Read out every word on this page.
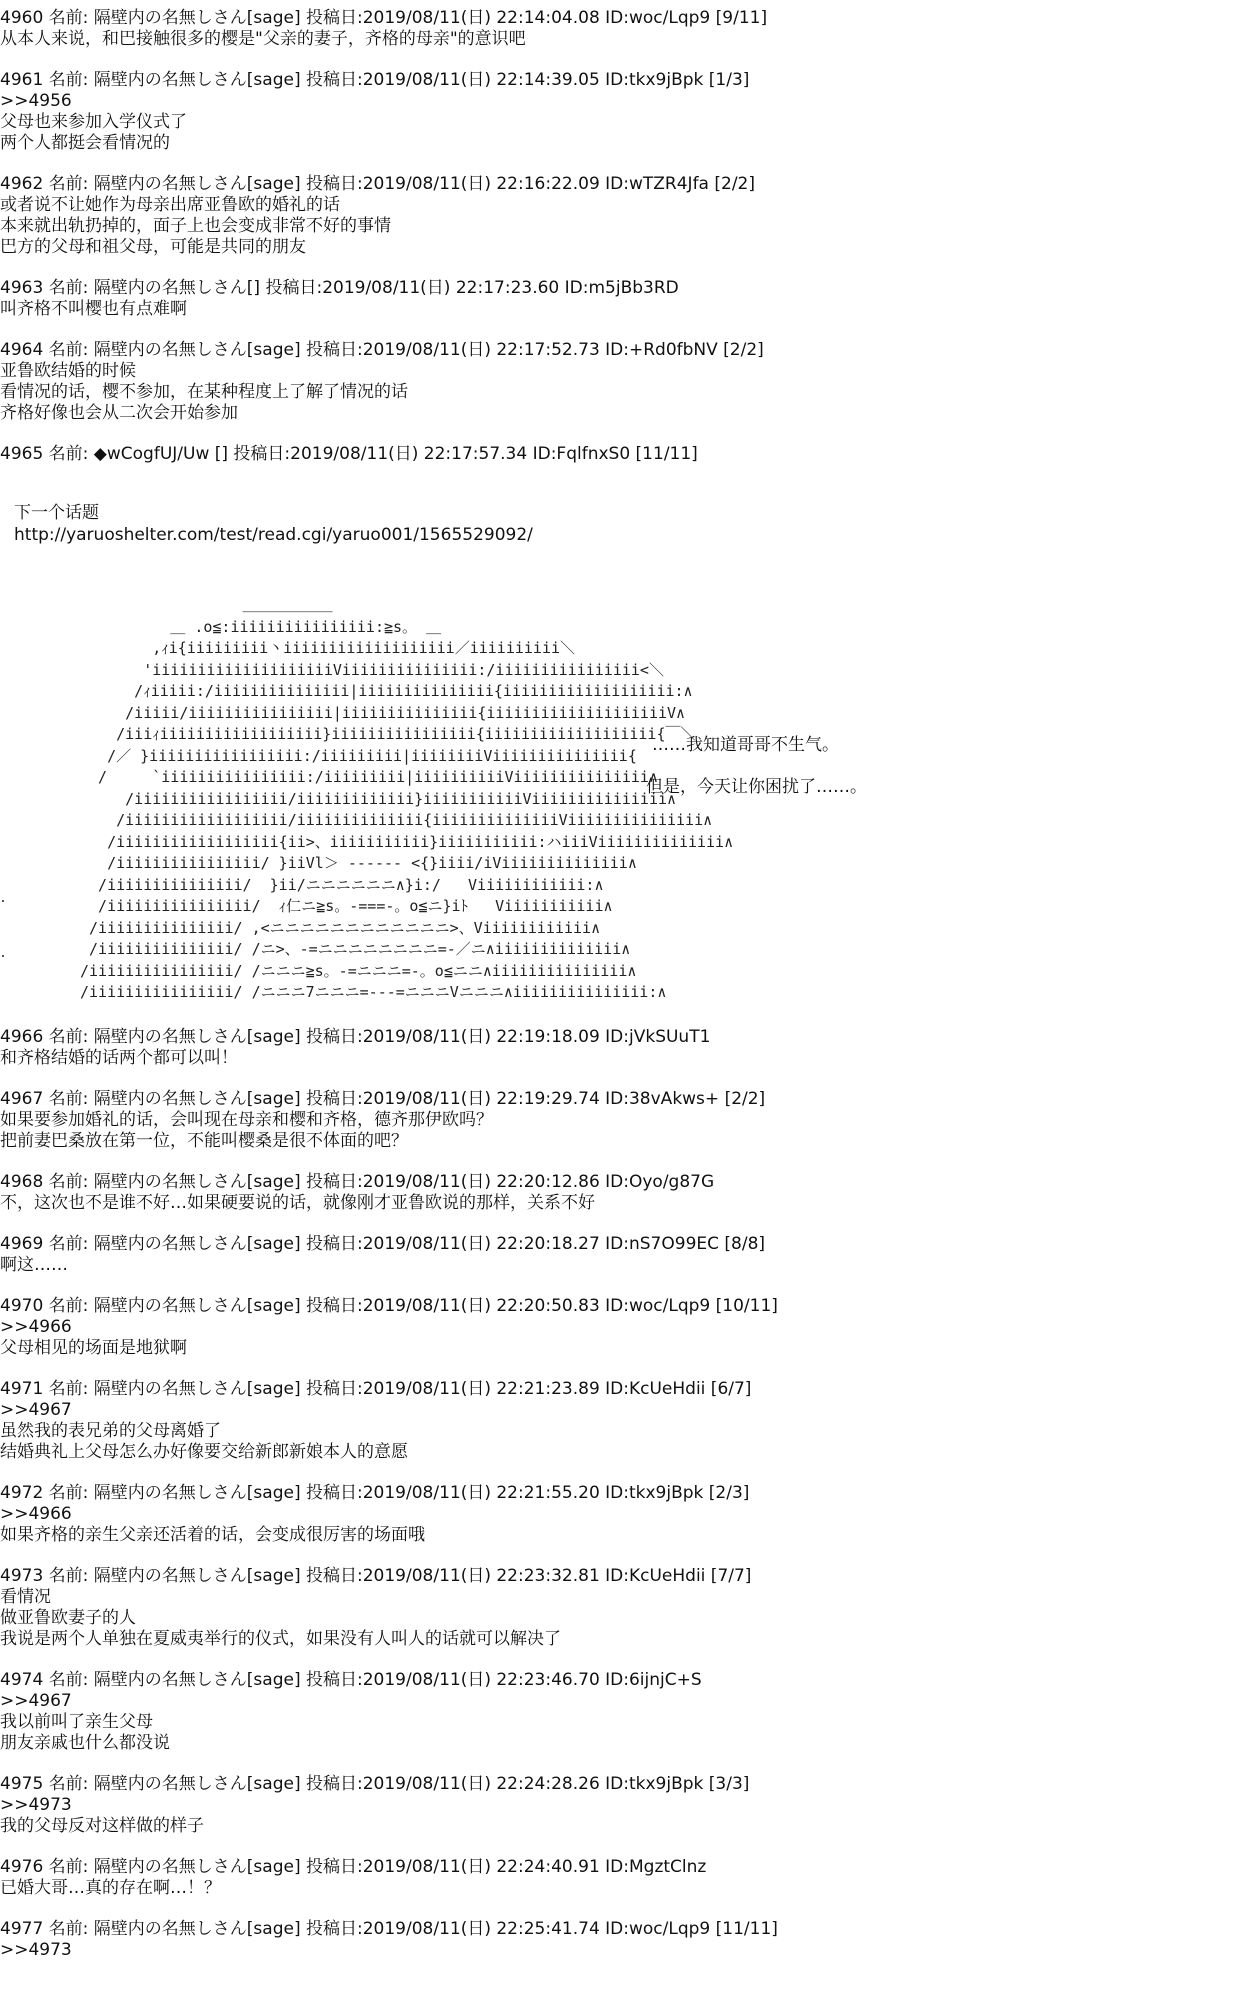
4960 名前: 隔壁内の名無しさん[sage] 投稿日:2019/08/11(日) 22:14:04.08 ID:woc/Lqp9 [9/11]
从本人来说，和巴接触很多的樱是"父亲的妻子，齐格的母亲"的意识吧
4961 名前: 隔壁内の名無しさん[sage] 投稿日:2019/08/11(日) 22:14:39.05 ID:tkx9jBpk [1/3]
>>4956
父母也来参加入学仪式了
两个人都挺会看情况的
4962 名前: 隔壁内の名無しさん[sage] 投稿日:2019/08/11(日) 22:16:22.09 ID:wTZR4Jfa [2/2]
或者说不让她作为母亲出席亚鲁欧的婚礼的话
本来就出轨扔掉的，面子上也会变成非常不好的事情
巴方的父母和祖父母，可能是共同的朋友
4963 名前: 隔壁内の名無しさん[] 投稿日:2019/08/11(日) 22:17:23.60 ID:m5jBb3RD
叫齐格不叫樱也有点难啊
4964 名前: 隔壁内の名無しさん[sage] 投稿日:2019/08/11(日) 22:17:52.73 ID:+Rd0fbNV [2/2]
亚鲁欧结婚的时候
看情况的话，樱不参加，在某种程度上了解了情况的话
齐格好像也会从二次会开始参加
4965 名前: ◆wCogfUJ/Uw [] 投稿日:2019/08/11(日) 22:17:57.34 ID:FqlfnxS0 [11/11]
下一个话题
http://yaruoshelter.com/test/read.cgi/yaruo001/1565529092/
＿＿＿＿＿＿
＿ .o≦:iiiiiiiiiiiiiiii:≧s。 ＿
,ｨi{iiiiiiiii丶iiiiiiiiiiiiiiiiiii／iiiiiiiiii＼
'iiiiiiiiiiiiiiiiiiiiViiiiiiiiiiiiiii:/iiiiiiiiiiiiiiii<＼
/ｨiiiii:/iiiiiiiiiiiiiii|iiiiiiiiiiiiiii{iiiiiiiiiiiiiiiiiii:∧
/iiiii/iiiiiiiiiiiiiiii|iiiiiiiiiiiiiii{iiiiiiiiiiiiiiiiiiiiV∧
/iiiｨiiiiiiiiiiiiiiiiii}iiiiiiiiiiiiiiii{iiiiiiiiiiiiiiiiiii{￣＼
/／ }iiiiiiiiiiiiiiiii:/iiiiiiiii|iiiiiiiiViiiiiiiiiiiiiii{
/     `iiiiiiiiiiiiiiii:/iiiiiiiii|iiiiiiiiiiViiiiiiiiiiiiiii∧
/iiiiiiiiiiiiiiiii/iiiiiiiiiiiii}iiiiiiiiiiiViiiiiiiiiiiiiii∧
/iiiiiiiiiiiiiiiiii/iiiiiiiiiiiiii{iiiiiiiiiiiiiiViiiiiiiiiiiiiii∧
/iiiiiiiiiiiiiiiiii{ii>、iiiiiiiiiii}iiiiiiiiiii:ハiiiViiiiiiiiiiiiii∧
/iiiiiiiiiiiiiiii/ }iiVl＞ ------ <{}iiii/iViiiiiiiiiiiiii∧
/iiiiiiiiiiiiiii/  }ii/ニニニニニニ∧}i:/   Viiiiiiiiiiii:∧
/iiiiiiiiiiiiiiii/  ｨ仁ニ≧s。-===-。o≦ニ}iﾄ   Viiiiiiiiiii∧
/iiiiiiiiiiiiiii/ ,<ニニニニニニニニニニニニ>、Viiiiiiiiiiii∧
/iiiiiiiiiiiiiii/ /ニ>、-=ニニニニニニニニ=-／ニ∧iiiiiiiiiiiiii∧
/iiiiiiiiiiiiiiii/ /ニニニ≧s。-=ニニニ=-。o≦ニニ∧iiiiiiiiiiiiiii∧
/iiiiiiiiiiiiiiii/ /ニニニ7ニニニ=---=ニニニVニニニ∧iiiiiiiiiiiiiii:∧
……我知道哥哥不生气。
但是，今天让你困扰了……。
4966 名前: 隔壁内の名無しさん[sage] 投稿日:2019/08/11(日) 22:19:18.09 ID:jVkSUuT1
和齐格结婚的话两个都可以叫！
4967 名前: 隔壁内の名無しさん[sage] 投稿日:2019/08/11(日) 22:19:29.74 ID:38vAkws+ [2/2]
如果要参加婚礼的话，会叫现在母亲和樱和齐格，德齐那伊欧吗？
把前妻巴桑放在第一位，不能叫樱桑是很不体面的吧？
4968 名前: 隔壁内の名無しさん[sage] 投稿日:2019/08/11(日) 22:20:12.86 ID:Oyo/g87G
不，这次也不是谁不好…如果硬要说的话，就像刚才亚鲁欧说的那样，关系不好
4969 名前: 隔壁内の名無しさん[sage] 投稿日:2019/08/11(日) 22:20:18.27 ID:nS7O99EC [8/8]
啊这……
4970 名前: 隔壁内の名無しさん[sage] 投稿日:2019/08/11(日) 22:20:50.83 ID:woc/Lqp9 [10/11]
>>4966
父母相见的场面是地狱啊
4971 名前: 隔壁内の名無しさん[sage] 投稿日:2019/08/11(日) 22:21:23.89 ID:KcUeHdii [6/7]
>>4967
虽然我的表兄弟的父母离婚了
结婚典礼上父母怎么办好像要交给新郎新娘本人的意愿
4972 名前: 隔壁内の名無しさん[sage] 投稿日:2019/08/11(日) 22:21:55.20 ID:tkx9jBpk [2/3]
>>4966
如果齐格的亲生父亲还活着的话，会变成很厉害的场面哦
4973 名前: 隔壁内の名無しさん[sage] 投稿日:2019/08/11(日) 22:23:32.81 ID:KcUeHdii [7/7]
看情况
做亚鲁欧妻子的人
我说是两个人单独在夏威夷举行的仪式，如果没有人叫人的话就可以解决了
4974 名前: 隔壁内の名無しさん[sage] 投稿日:2019/08/11(日) 22:23:46.70 ID:6ijnjC+S
>>4967
我以前叫了亲生父母
朋友亲戚也什么都没说
4975 名前: 隔壁内の名無しさん[sage] 投稿日:2019/08/11(日) 22:24:28.26 ID:tkx9jBpk [3/3]
>>4973
我的父母反对这样做的样子
4976 名前: 隔壁内の名無しさん[sage] 投稿日:2019/08/11(日) 22:24:40.91 ID:MgztClnz
已婚大哥…真的存在啊…！？
4977 名前: 隔壁内の名無しさん[sage] 投稿日:2019/08/11(日) 22:25:41.74 ID:woc/Lqp9 [11/11]
>>4973
